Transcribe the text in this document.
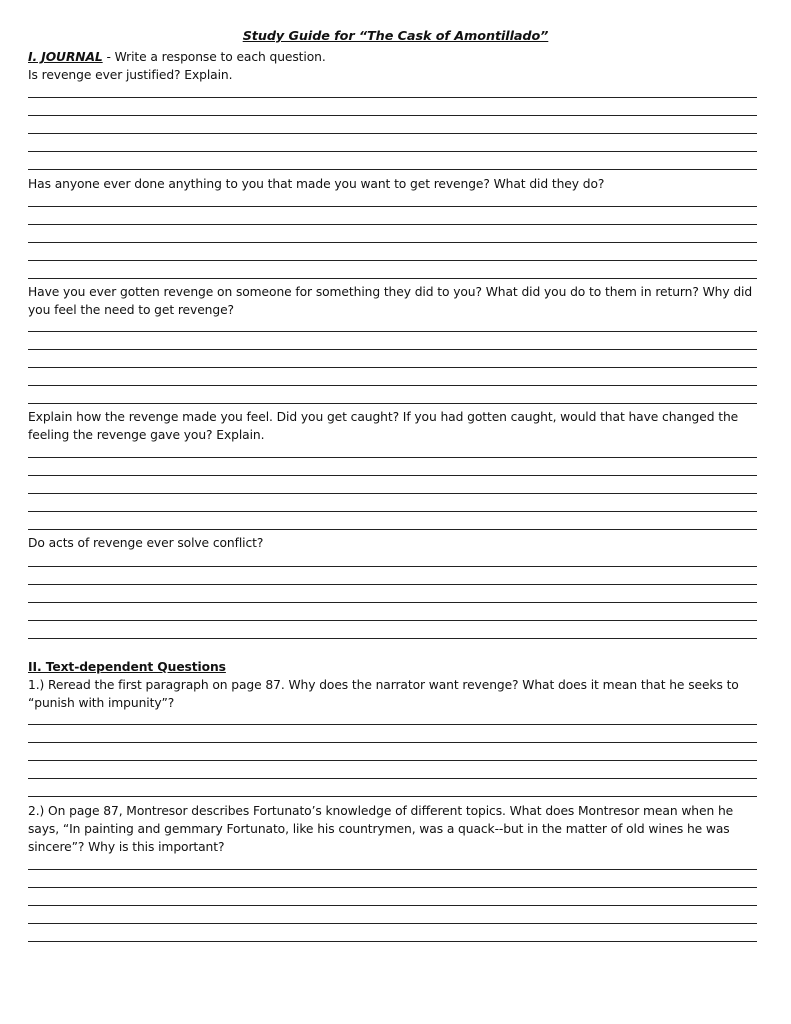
Study Guide for “The Cask of Amontillado”
I. JOURNAL - Write a response to each question.
Is revenge ever justified? Explain.
Has anyone ever done anything to you that made you want to get revenge? What did they do?
Have you ever gotten revenge on someone for something they did to you? What did you do to them in return? Why did you feel the need to get revenge?
Explain how the revenge made you feel. Did you get caught? If you had gotten caught, would that have changed the feeling the revenge gave you? Explain.
Do acts of revenge ever solve conflict?
II. Text-dependent Questions
1.) Reread the first paragraph on page 87. Why does the narrator want revenge? What does it mean that he seeks to “punish with impunity”?
2.) On page 87, Montresor describes Fortunato’s knowledge of different topics. What does Montresor mean when he says, “In painting and gemmary Fortunato, like his countrymen, was a quack--but in the matter of old wines he was sincere”? Why is this important?
